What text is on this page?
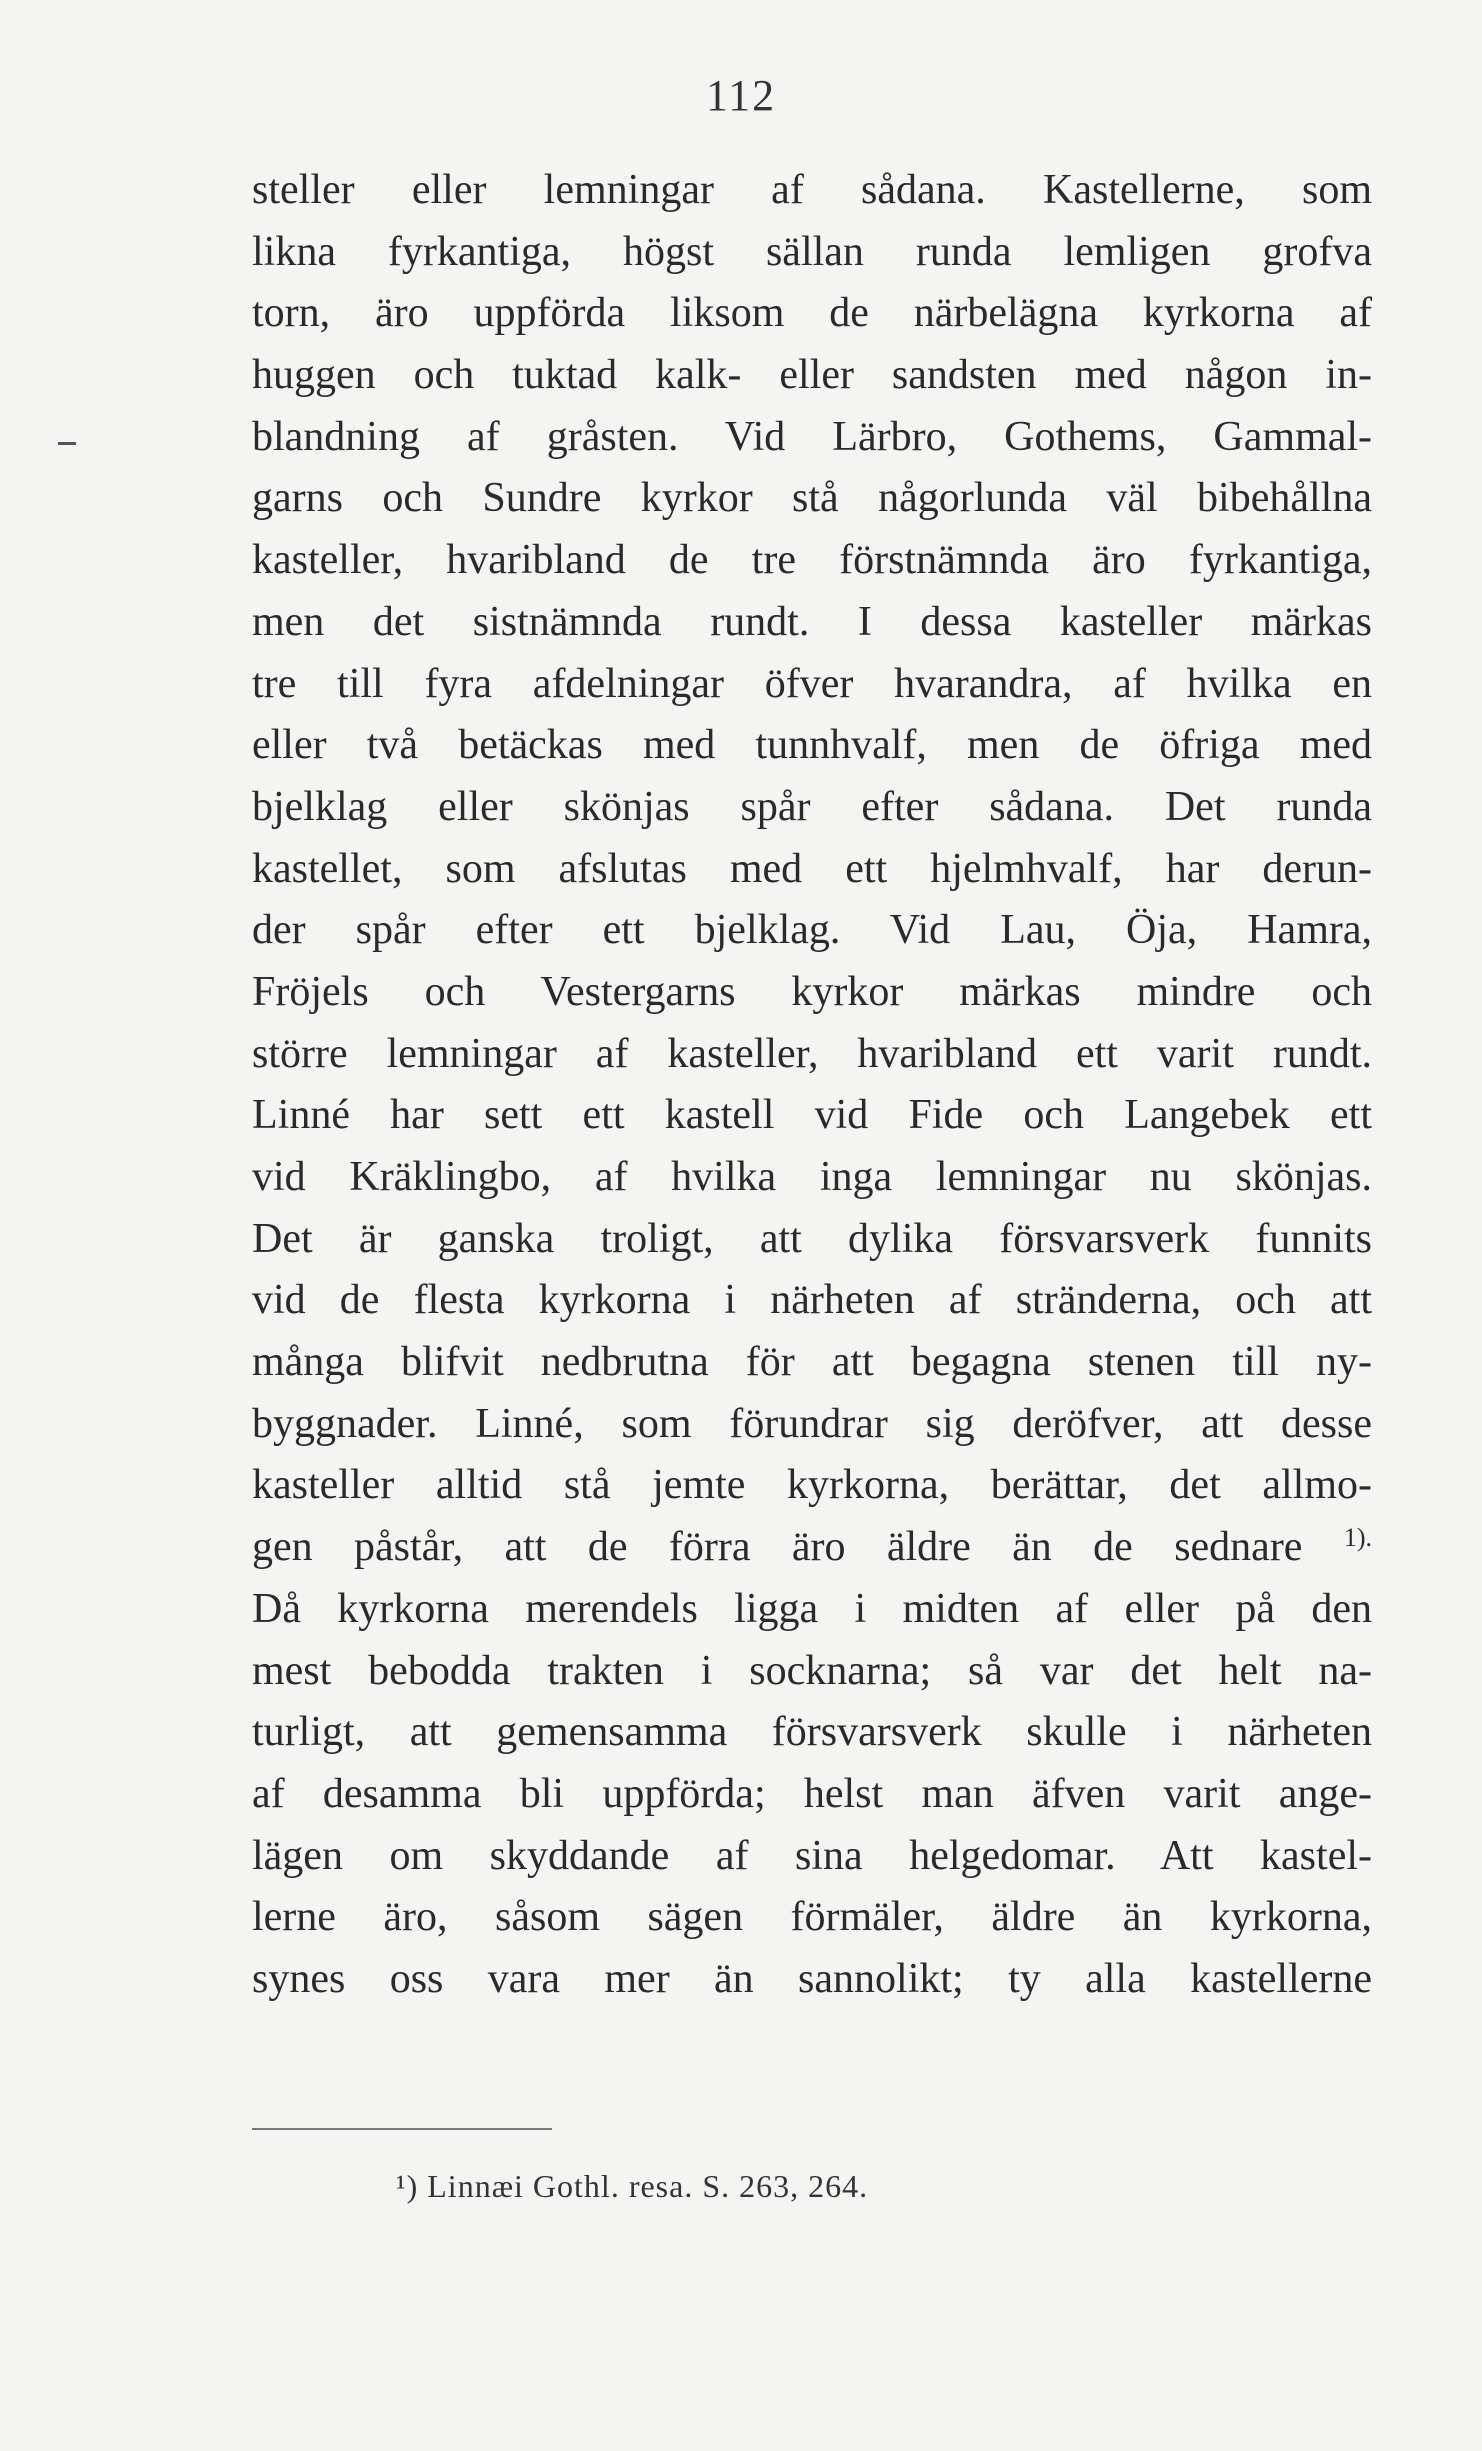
112
steller eller lemningar af sådana. Kastellerne, som
likna fyrkantiga, högst sällan runda lemligen grofva
torn, äro uppförda liksom de närbelägna kyrkorna af
huggen och tuktad kalk- eller sandsten med någon in-
blandning af gråsten. Vid Lärbro, Gothems, Gammal-
garns och Sundre kyrkor stå någorlunda väl bibehållna
kasteller, hvaribland de tre förstnämnda äro fyrkantiga,
men det sistnämnda rundt. I dessa kasteller märkas
tre till fyra afdelningar öfver hvarandra, af hvilka en
eller två betäckas med tunnhvalf, men de öfriga med
bjelklag eller skönjas spår efter sådana. Det runda
kastellet, som afslutas med ett hjelmhvalf, har derun-
der spår efter ett bjelklag. Vid Lau, Öja, Hamra,
Fröjels och Vestergarns kyrkor märkas mindre och
större lemningar af kasteller, hvaribland ett varit rundt.
Linné har sett ett kastell vid Fide och Langebek ett
vid Kräklingbo, af hvilka inga lemningar nu skönjas.
Det är ganska troligt, att dylika försvarsverk funnits
vid de flesta kyrkorna i närheten af stränderna, och att
många blifvit nedbrutna för att begagna stenen till ny-
byggnader. Linné, som förundrar sig deröfver, att desse
kasteller alltid stå jemte kyrkorna, berättar, det allmo-
gen påstår, att de förra äro äldre än de sednare $^{1).}$
Då kyrkorna merendels ligga i midten af eller på den
mest bebodda trakten i socknarna; så var det helt na-
turligt, att gemensamma försvarsverk skulle i närheten
af desamma bli uppförda; helst man äfven varit ange-
lägen om skyddande af sina helgedomar. Att kastel-
lerne äro, såsom sägen förmäler, äldre än kyrkorna,
synes oss vara mer än sannolikt; ty alla kastellerne
¹) Linnæi Gothl. resa. S. 263, 264.
